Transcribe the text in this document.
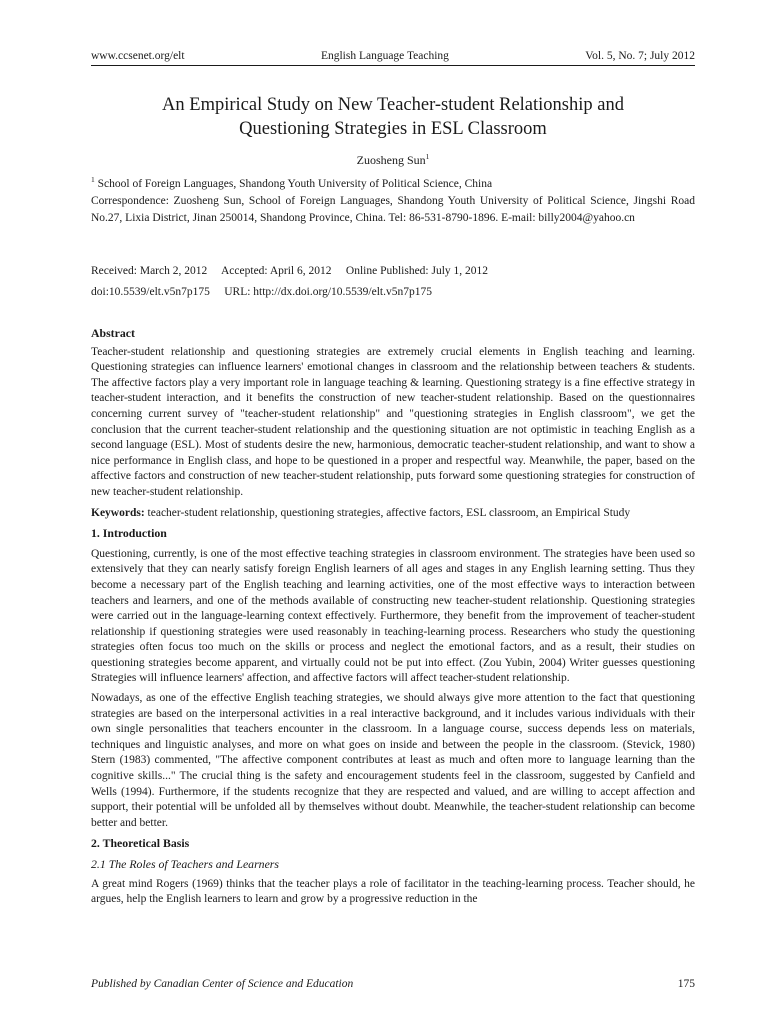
www.ccsenet.org/elt	English Language Teaching	Vol. 5, No. 7; July 2012
An Empirical Study on New Teacher-student Relationship and
Questioning Strategies in ESL Classroom
Zuosheng Sun$^1$
$^1$ School of Foreign Languages, Shandong Youth University of Political Science, China

Correspondence: Zuosheng Sun, School of Foreign Languages, Shandong Youth University of Political Science, Jingshi Road No.27, Lixia District, Jinan 250014, Shandong Province, China. Tel: 86-531-8790-1896. E-mail: billy2004@yahoo.cn

Received: March 2, 2012 Accepted: April 6, 2012 Online Published: July 1, 2012
doi:10.5539/elt.v5n7p175 URL: http://dx.doi.org/10.5539/elt.v5n7p175
Abstract

Teacher-student relationship and questioning strategies are extremely crucial elements in English teaching and learning. Questioning strategies can influence learners' emotional changes in classroom and the relationship between teachers & students. The affective factors play a very important role in language teaching & learning. Questioning strategy is a fine effective strategy in teacher-student interaction, and it benefits the construction of new teacher-student relationship. Based on the questionnaires concerning current survey of "teacher-student relationship" and "questioning strategies in English classroom", we get the conclusion that the current teacher-student relationship and the questioning situation are not optimistic in teaching English as a second language (ESL). Most of students desire the new, harmonious, democratic teacher-student relationship, and want to show a nice performance in English class, and hope to be questioned in a proper and respectful way. Meanwhile, the paper, based on the affective factors and construction of new teacher-student relationship, puts forward some questioning strategies for construction of new teacher-student relationship.

Keywords: teacher-student relationship, questioning strategies, affective factors, ESL classroom, an Empirical Study

1. Introduction

Questioning, currently, is one of the most effective teaching strategies in classroom environment. The strategies have been used so extensively that they can nearly satisfy foreign English learners of all ages and stages in any English learning setting. Thus they become a necessary part of the English teaching and learning activities, one of the most effective ways to interaction between teachers and learners, and one of the methods available of constructing new teacher-student relationship. Questioning strategies were carried out in the language-learning context effectively. Furthermore, they benefit from the improvement of teacher-student relationship if questioning strategies were used reasonably in teaching-learning process. Researchers who study the questioning strategies often focus too much on the skills or process and neglect the emotional factors, and as a result, their studies on questioning strategies become apparent, and virtually could not be put into effect. (Zou Yubin, 2004) Writer guesses questioning Strategies will influence learners' affection, and affective factors will affect teacher-student relationship.

Nowadays, as one of the effective English teaching strategies, we should always give more attention to the fact that questioning strategies are based on the interpersonal activities in a real interactive background, and it includes various individuals with their own single personalities that teachers encounter in the classroom. In a language course, success depends less on materials, techniques and linguistic analyses, and more on what goes on inside and between the people in the classroom. (Stevick, 1980) Stern (1983) commented, "The affective component contributes at least as much and often more to language learning than the cognitive skills..." The crucial thing is the safety and encouragement students feel in the classroom, suggested by Canfield and Wells (1994). Furthermore, if the students recognize that they are respected and valued, and are willing to accept affection and support, their potential will be unfolded all by themselves without doubt. Meanwhile, the teacher-student relationship can become better and better.

2. Theoretical Basis
2.1 The Roles of Teachers and Learners

A great mind Rogers (1969) thinks that the teacher plays a role of facilitator in the teaching-learning process. Teacher should, he argues, help the English learners to learn and grow by a progressive reduction in the

Published by Canadian Center of Science and Education	175
